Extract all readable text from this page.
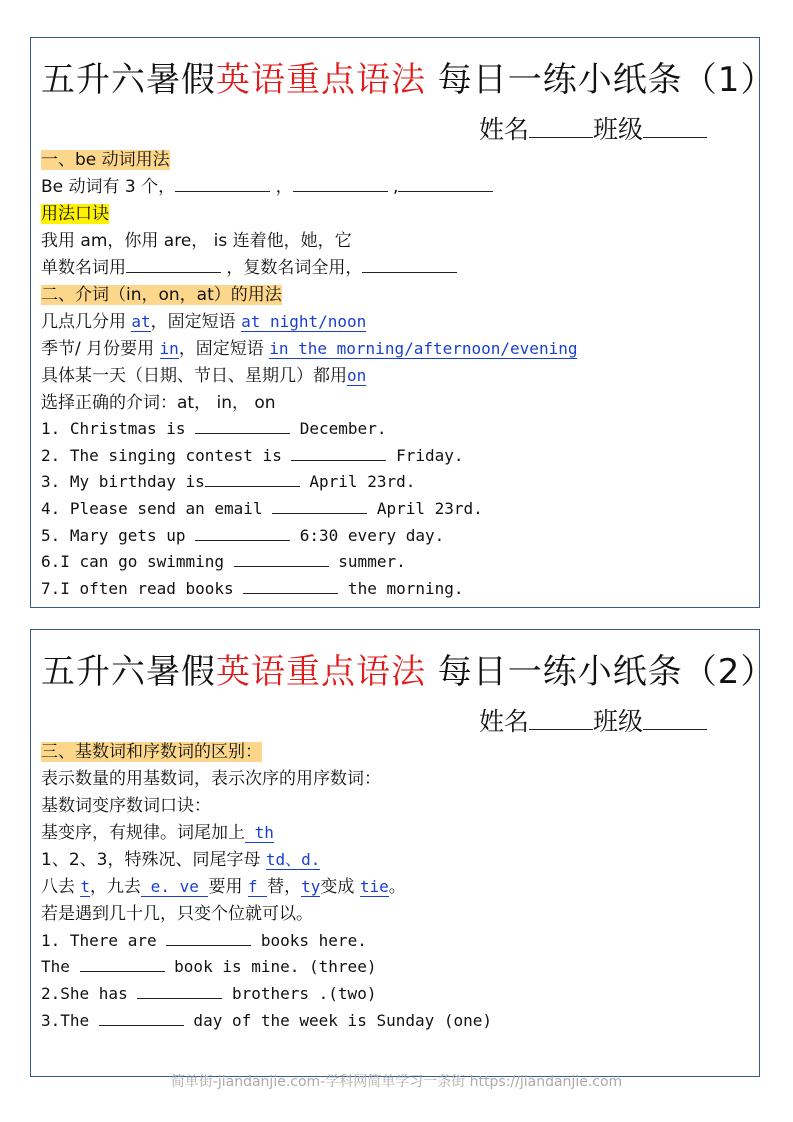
五升六暑假英语重点语法 每日一练小纸条（1）
姓名	班级
一、be 动词用法
Be 动词有 3 个，	，	,
用法口诀
我用 am，你用 are， is 连着他，她，它
单数名词用	，复数名词全用，
二、介词（in，on，at）的用法
几点几分用 at，固定短语 at night/noon
季节/ 月份要用 in，固定短语 in the morning/afternoon/evening
具体某一天（日期、节日、星期几）都用on
选择正确的介词：at， in， on
1. Christmas is	December.
2. The singing contest is	Friday.
3. My birthday is	April 23rd.
4. Please send an email	April 23rd.
5. Mary gets up	6:30 every day.
6.I can go swimming	summer.
7.I often read books	the morning.
五升六暑假英语重点语法 每日一练小纸条（2）
姓名	班级
三、基数词和序数词的区别：
表示数量的用基数词，表示次序的用序数词：
基数词变序数词口诀：
基变序，有规律。词尾加上 th
1、2、3，特殊况、同尾字母 td、d.
八去 t，九去 e. ve 要用 f 替，ty变成 tie。
若是遇到几十几，只变个位就可以。
1. There are	books here.
The	book is mine. (three)
2.She has	brothers .(two)
3.The	day of the week is Sunday (one)
简单街-jiandanjie.com-学科网简单学习一条街 https://jiandanjie.com
